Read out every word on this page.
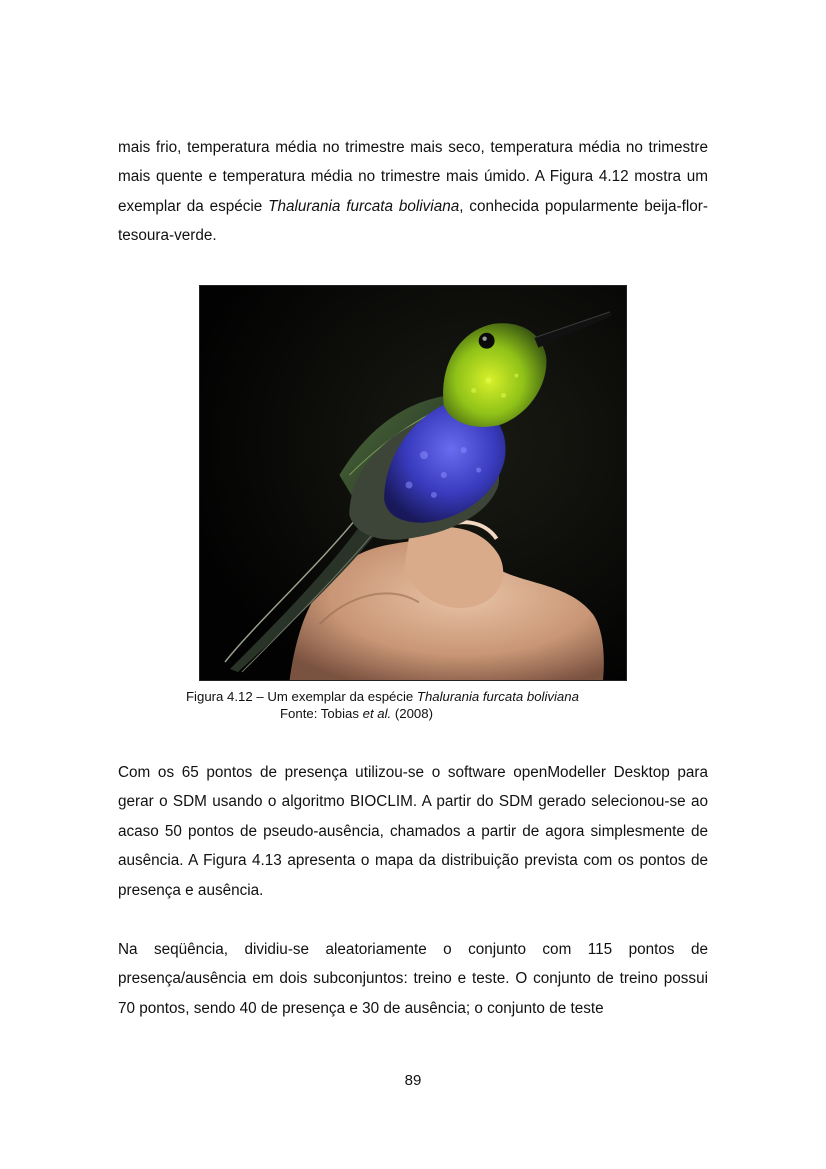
mais frio, temperatura média no trimestre mais seco, temperatura média no trimestre mais quente e temperatura média no trimestre mais úmido. A Figura 4.12 mostra um exemplar da espécie Thalurania furcata boliviana, conhecida popularmente beija-flor-tesoura-verde.

Figura 4.12 – Um exemplar da espécie Thalurania furcata boliviana
Fonte: Tobias et al. (2008)

Com os 65 pontos de presença utilizou-se o software openModeller Desktop para gerar o SDM usando o algoritmo BIOCLIM. A partir do SDM gerado selecionou-se ao acaso 50 pontos de pseudo-ausência, chamados a partir de agora simplesmente de ausência. A Figura 4.13 apresenta o mapa da distribuição prevista com os pontos de presença e ausência.

Na seqüência, dividiu-se aleatoriamente o conjunto com 115 pontos de presença/ausência em dois subconjuntos: treino e teste. O conjunto de treino possui 70 pontos, sendo 40 de presença e 30 de ausência; o conjunto de teste

89
